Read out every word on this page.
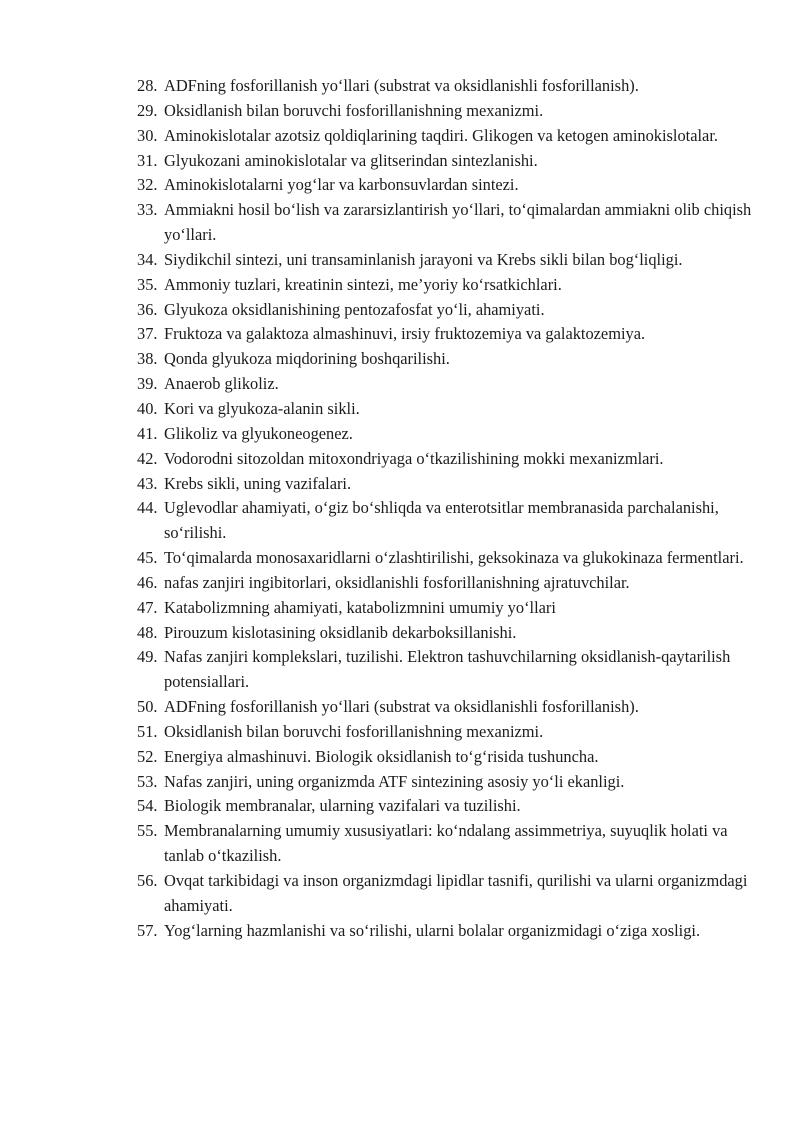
28. ADFning fosforillanish yo‘llari (substrat va oksidlanishli fosforillanish).
29. Oksidlanish bilan boruvchi fosforillanishning mexanizmi.
30. Aminokislotalar azotsiz qoldiqlarining taqdiri. Glikogen va ketogen aminokislotalar.
31. Glyukozani aminokislotalar va glitserindan sintezlanishi.
32. Aminokislotalarni yog‘lar va karbonsuvlardan sintezi.
33. Ammiakni hosil bo‘lish va zararsizlantirish yo‘llari, to‘qimalardan ammiakni olib chiqish yo‘llari.
34. Siydikchil sintezi, uni transaminlanish jarayoni va Krebs sikli bilan bog‘liqligi.
35. Ammoniy tuzlari, kreatinin sintezi, me’yoriy ko‘rsatkichlari.
36. Glyukoza oksidlanishining pentozafosfat yo‘li, ahamiyati.
37. Fruktoza va galaktoza almashinuvi, irsiy fruktozemiya va galaktozemiya.
38. Qonda glyukoza miqdorining boshqarilishi.
39. Anaerob glikoliz.
40. Kori va glyukoza-alanin sikli.
41. Glikoliz va glyukoneogenez.
42. Vodorodni sitozoldan mitoxondriyaga o‘tkazilishining mokki mexanizmlari.
43. Krebs sikli, uning vazifalari.
44. Uglevodlar ahamiyati, o‘giz bo‘shliqda va enterotsitlar membranasida parchalanishi, so‘rilishi.
45. To‘qimalarda monosaxaridlarni o‘zlashtirilishi, geksokinaza va glukokinaza fermentlari.
46. nafas zanjiri ingibitorlari, oksidlanishli fosforillanishning ajratuvchilar.
47. Katabolizmning ahamiyati, katabolizmnini umumiy yo‘llari
48. Pirouzum kislotasining oksidlanib dekarboksillanishi.
49. Nafas zanjiri komplekslari, tuzilishi. Elektron tashuvchilarning oksidlanish-qaytarilish potensiallari.
50. ADFning fosforillanish yo‘llari (substrat va oksidlanishli fosforillanish).
51. Oksidlanish bilan boruvchi fosforillanishning mexanizmi.
52. Energiya almashinuvi. Biologik oksidlanish to‘g‘risida tushuncha.
53. Nafas zanjiri, uning organizmda ATF sintezining asosiy yo‘li ekanligi.
54. Biologik membranalar, ularning vazifalari va tuzilishi.
55. Membranalarning umumiy xususiyatlari: ko‘ndalang assimmetriya, suyuqlik holati va tanlab o‘tkazilish.
56. Ovqat tarkibidagi va inson organizmdagi lipidlar tasnifi, qurilishi va ularni organizmdagi ahamiyati.
57. Yog‘larning hazmlanishi va so‘rilishi, ularni bolalar organizmidagi o‘ziga xosligi.
